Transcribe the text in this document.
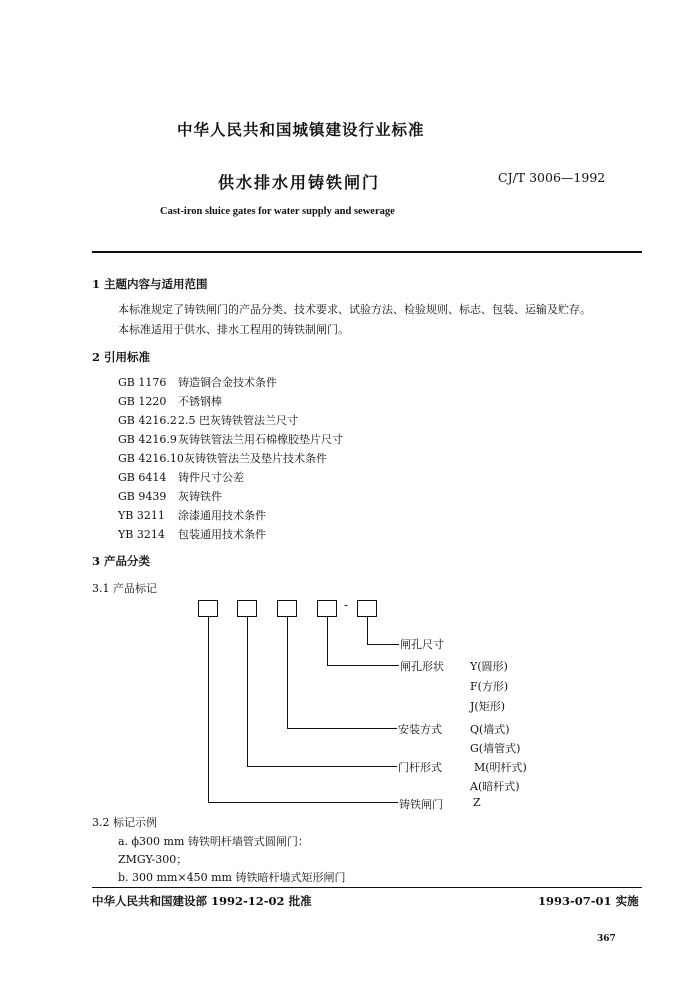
中华人民共和国城镇建设行业标准
供水排水用铸铁闸门	CJ/T 3006—1992
Cast-iron sluice gates for water supply and sewerage
1 主题内容与适用范围
本标准规定了铸铁闸门的产品分类、技术要求、试验方法、检验规则、标志、包装、运输及贮存。
本标准适用于供水、排水工程用的铸铁制闸门。
2 引用标准
GB 1176 铸造铜合金技术条件
GB 1220 不锈钢棒
GB 4216.22.5 巴灰铸铁管法兰尺寸
GB 4216.9灰铸铁管法兰用石棉橡胶垫片尺寸
GB 4216.10灰铸铁管法兰及垫片技术条件
GB 6414 铸件尺寸公差
GB 9439 灰铸铁件
YB 3211 涂漆通用技术条件
YB 3214 包装通用技术条件
3 产品分类
3.1 产品标记
-
闸孔尺寸
闸孔形状
安装方式
门杆形式
铸铁闸门
Y(圆形)
F(方形)
J(矩形)
Q(墙式)
G(墙管式)
M(明杆式)
A(暗杆式)
Z
3.2 标记示例
a. ϕ300 mm 铸铁明杆墙管式圆闸门：
ZMGY-300；
b. 300 mm×450 mm 铸铁暗杆墙式矩形闸门
中华人民共和国建设部 1992-12-02 批准	1993-07-01 实施
367
